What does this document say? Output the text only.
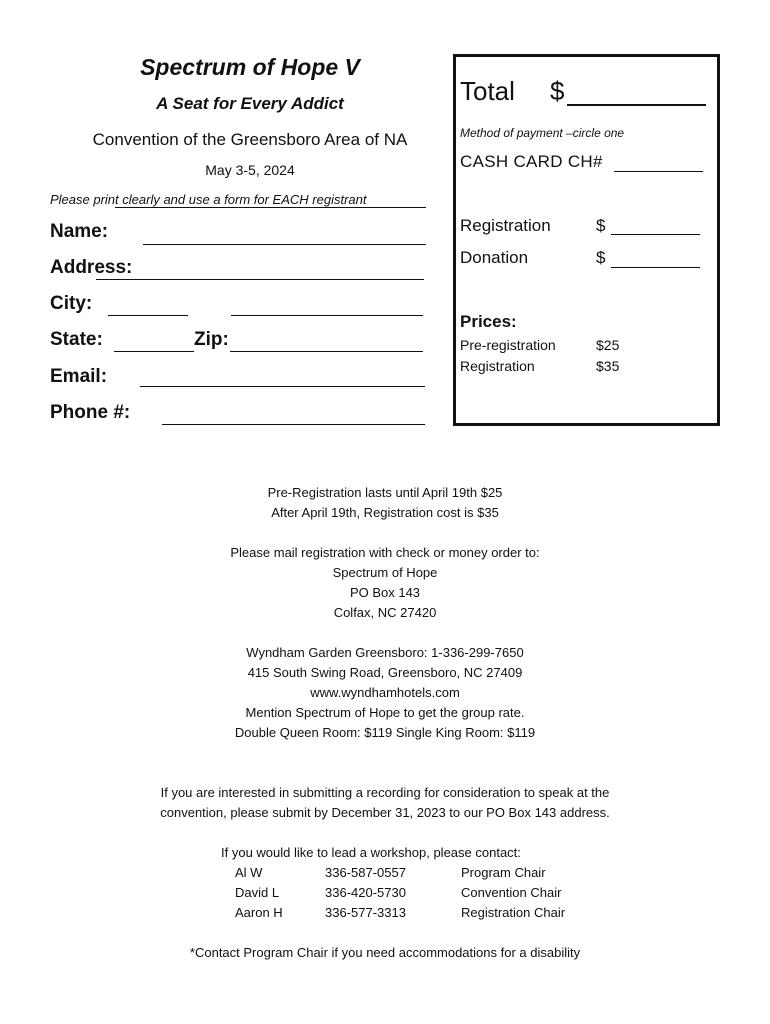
Spectrum of Hope V
A Seat for Every Addict
Convention of the Greensboro Area of NA
May 3-5, 2024
Please print clearly and use a form for EACH registrant
Name:
Address:
City:
State:	Zip:
Email:
Phone #:
Total $
Method of payment –circle one
CASH CARD CH#
Registration	$
Donation	$
Prices:
Pre-registration	$25
Registration	$35
Pre-Registration lasts until April 19th $25
After April 19th, Registration cost is $35
Please mail registration with check or money order to:
Spectrum of Hope
PO Box 143
Colfax, NC 27420
Wyndham Garden Greensboro: 1-336-299-7650
415 South Swing Road, Greensboro, NC 27409
www.wyndhamhotels.com
Mention Spectrum of Hope to get the group rate.
Double Queen Room: $119 Single King Room: $119
If you are interested in submitting a recording for consideration to speak at the
convention, please submit by December 31, 2023 to our PO Box 143 address.
If you would like to lead a workshop, please contact:
Al W	336-587-0557	Program Chair
David L	336-420-5730	Convention Chair
Aaron H	336-577-3313	Registration Chair
*Contact Program Chair if you need accommodations for a disability
